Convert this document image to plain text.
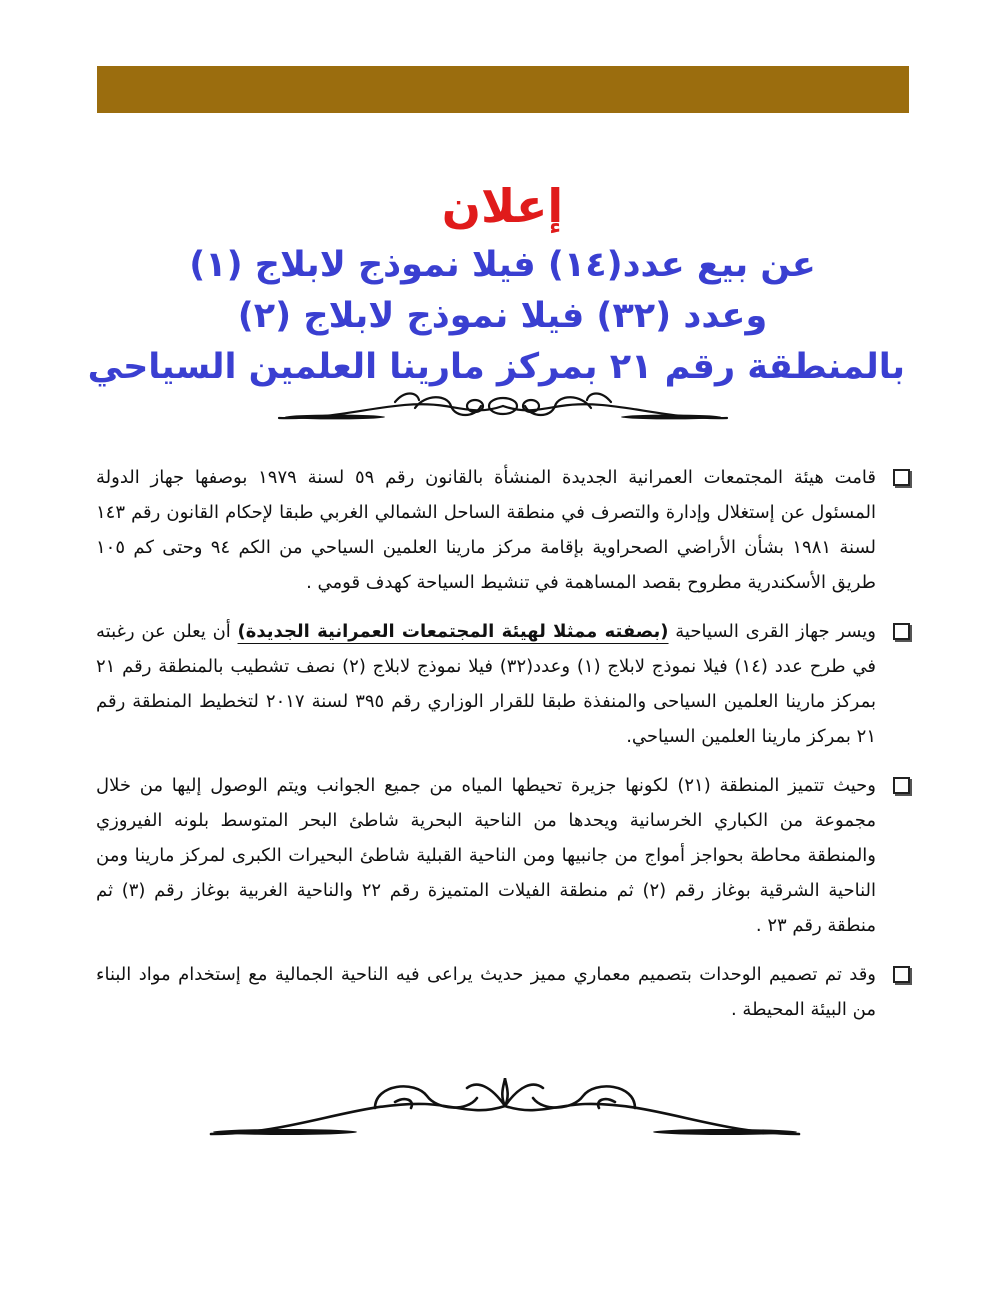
إعلان
عن بيع عدد(١٤) فيلا نموذج لابلاج (١)
وعدد (٣٢) فيلا نموذج لابلاج (٢)
بالمنطقة رقم ٢١ بمركز مارينا العلمين السياحي
قامت هيئة المجتمعات العمرانية الجديدة المنشأة بالقانون رقم ٥٩ لسنة ١٩٧٩ بوصفها جهاز الدولة المسئول عن إستغلال وإدارة والتصرف في منطقة الساحل الشمالي الغربي طبقا لإحكام القانون رقم ١٤٣ لسنة ١٩٨١ بشأن الأراضي الصحراوية بإقامة مركز مارينا العلمين السياحي من الكم ٩٤ وحتى كم ١٠٥ طريق الأسكندرية مطروح بقصد المساهمة في تنشيط السياحة كهدف قومي .
ويسر جهاز القرى السياحية (بصفته ممثلا لهيئة المجتمعات العمرانية الجديدة) أن يعلن عن رغبته في طرح عدد (١٤) فيلا نموذج لابلاج (١) وعدد(٣٢) فيلا نموذج لابلاج (٢) نصف تشطيب بالمنطقة رقم ٢١ بمركز مارينا العلمين السياحى والمنفذة طبقا للقرار الوزاري رقم ٣٩٥ لسنة ٢٠١٧ لتخطيط المنطقة رقم ٢١ بمركز مارينا العلمين السياحي.
وحيث تتميز المنطقة (٢١) لكونها جزيرة تحيطها المياه من جميع الجوانب ويتم الوصول إليها من خلال مجموعة من الكباري الخرسانية ويحدها من الناحية البحرية شاطئ البحر المتوسط بلونه الفيروزي والمنطقة محاطة بحواجز أمواج من جانبيها ومن الناحية القبلية شاطئ البحيرات الكبرى لمركز مارينا ومن الناحية الشرقية بوغاز رقم (٢) ثم منطقة الفيلات المتميزة رقم ٢٢ والناحية الغربية بوغاز رقم (٣) ثم منطقة رقم ٢٣ .
وقد تم تصميم الوحدات بتصميم معماري مميز حديث يراعى فيه الناحية الجمالية مع إستخدام مواد البناء من البيئة المحيطة .
